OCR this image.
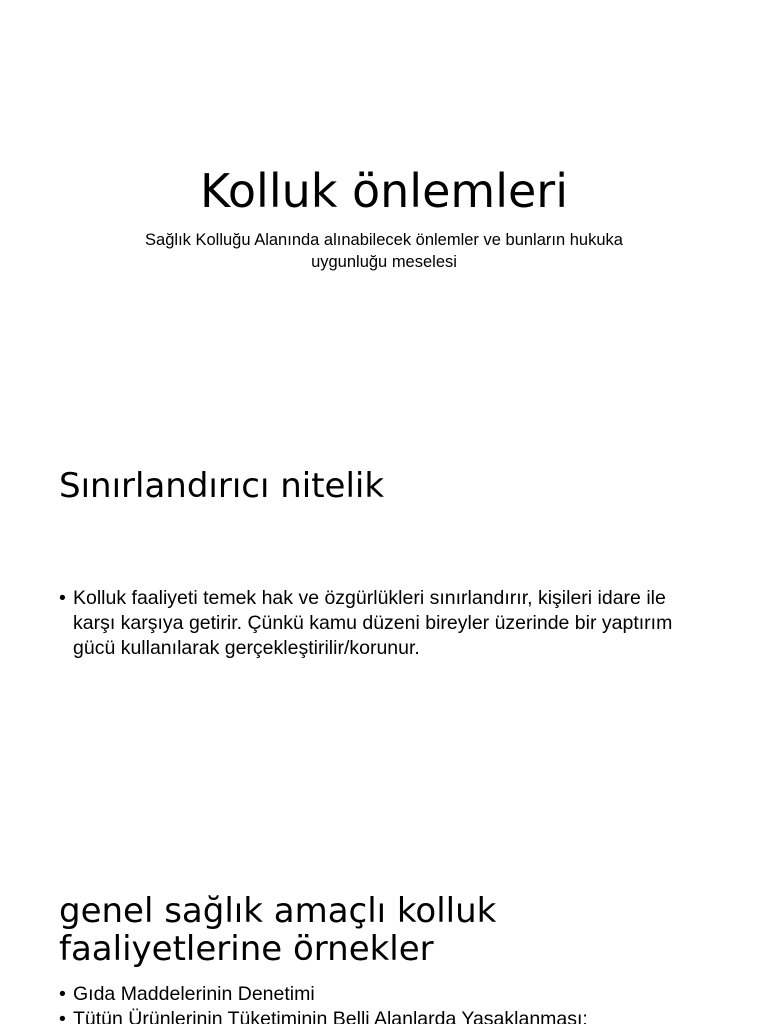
Kolluk önlemleri

Sağlık Kolluğu Alanında alınabilecek önlemler ve bunların hukuka uygunluğu meselesi

Sınırlandırıcı nitelik
• Kolluk faaliyeti temek hak ve özgürlükleri sınırlandırır, kişileri idare ile karşı karşıya getirir. Çünkü kamu düzeni bireyler üzerinde bir yaptırım gücü kullanılarak gerçekleştirilir/korunur.
genel sağlık amaçlı kolluk faaliyetlerine örnekler
• Gıda Maddelerinin Denetimi
• Tütün Ürünlerinin Tüketiminin Belli Alanlarda Yasaklanması:
